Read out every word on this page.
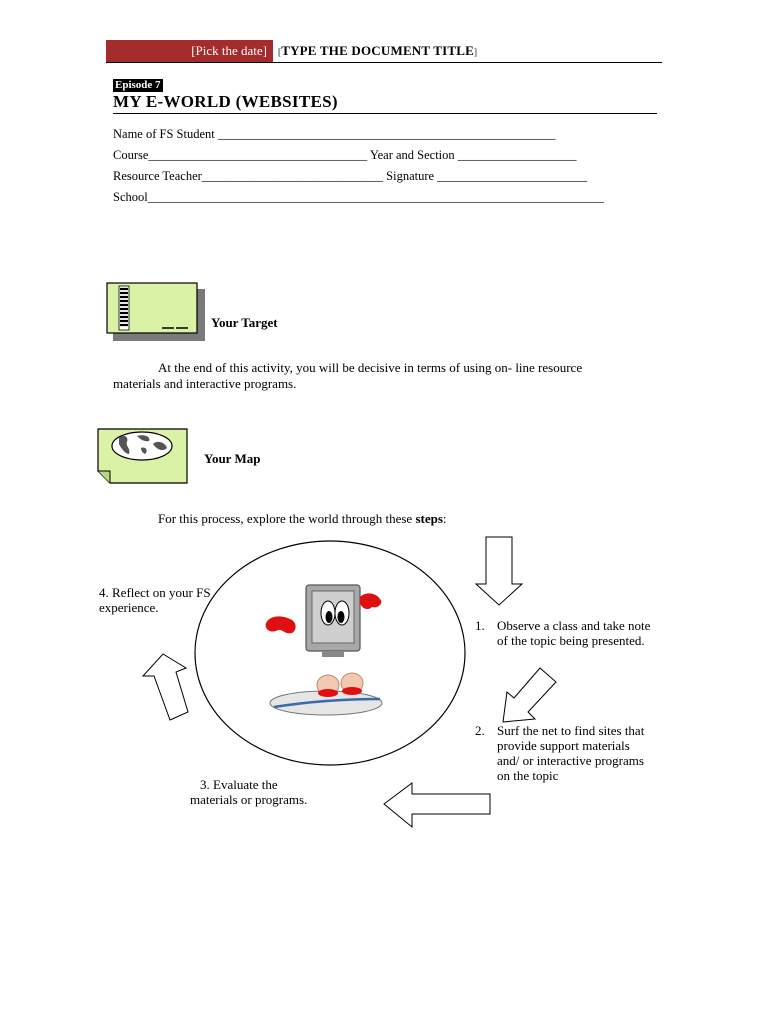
[Pick the date]	[TYPE THE DOCUMENT TITLE]
Episode 7
MY E-WORLD (WEBSITES)
Name of FS Student ______________________________________________________
Course___________________________________ Year and Section ___________________
Resource Teacher_____________________________ Signature ________________________
School_________________________________________________________________________
Your Target
At the end of this activity, you will be decisive in terms of using on- line resource
materials and interactive programs.
Your Map
For this process, explore the world through these steps:
1. Observe a class and take note of the topic being presented.
2. Surf the net to find sites that provide support materials and/ or interactive programs on the topic
3. Evaluate the materials or programs.
4. Reflect on your FS experience.
